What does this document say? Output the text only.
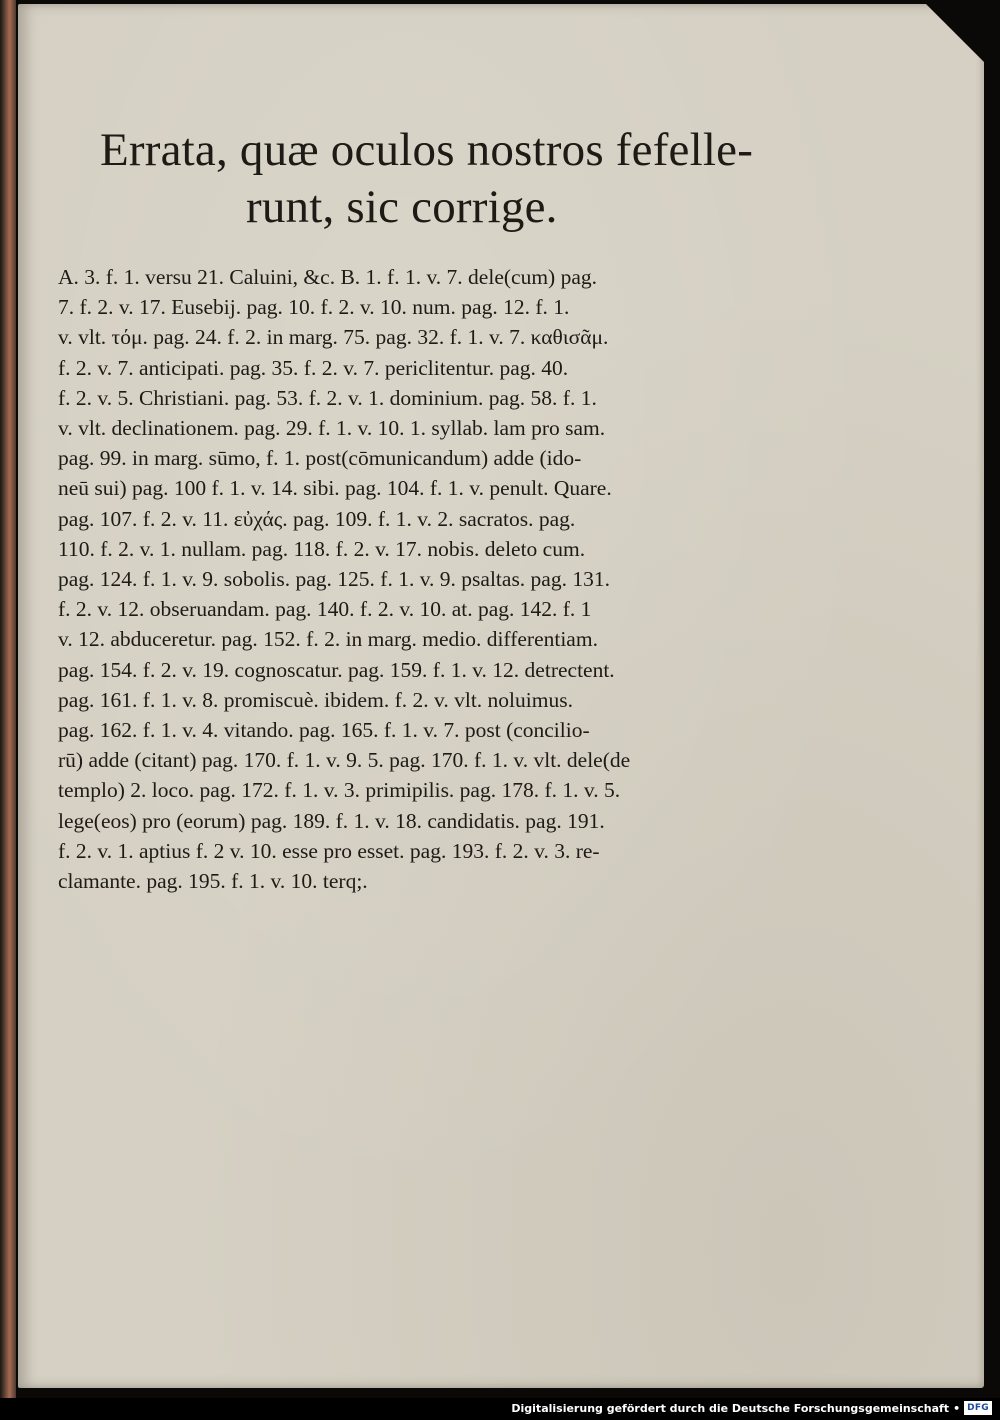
Errata, quæ oculos nostros fefelle-
runt, sic corrige.
A. 3. f. 1. versu 21. Caluini, &c. B. 1. f. 1. v. 7. dele(cum) pag.
7. f. 2. v. 17. Eusebij. pag. 10. f. 2. v. 10. num. pag. 12. f. 1.
v. vlt. τόμ. pag. 24. f. 2. in marg. 75. pag. 32. f. 1. v. 7. καθισᾶμ.
f. 2. v. 7. anticipati. pag. 35. f. 2. v. 7. periclitentur. pag. 40.
f. 2. v. 5. Christiani. pag. 53. f. 2. v. 1. dominium. pag. 58. f. 1.
v. vlt. declinationem. pag. 29. f. 1. v. 10. 1. syllab. lam pro sam.
pag. 99. in marg. sūmo, f. 1. post(cōmunicandum) adde (ido-
neū sui) pag. 100 f. 1. v. 14. sibi. pag. 104. f. 1. v. penult. Quare.
pag. 107. f. 2. v. 11. εὐχάς. pag. 109. f. 1. v. 2. sacratos. pag.
110. f. 2. v. 1. nullam. pag. 118. f. 2. v. 17. nobis. deleto cum.
pag. 124. f. 1. v. 9. sobolis. pag. 125. f. 1. v. 9. psaltas. pag. 131.
f. 2. v. 12. obseruandam. pag. 140. f. 2. v. 10. at. pag. 142. f. 1
v. 12. abduceretur. pag. 152. f. 2. in marg. medio. differentiam.
pag. 154. f. 2. v. 19. cognoscatur. pag. 159. f. 1. v. 12. detrectent.
pag. 161. f. 1. v. 8. promiscuè. ibidem. f. 2. v. vlt. noluimus.
pag. 162. f. 1. v. 4. vitando. pag. 165. f. 1. v. 7. post (concilio-
rū) adde (citant) pag. 170. f. 1. v. 9. 5. pag. 170. f. 1. v. vlt. dele(de
templo) 2. loco. pag. 172. f. 1. v. 3. primipilis. pag. 178. f. 1. v. 5.
lege(eos) pro (eorum) pag. 189. f. 1. v. 18. candidatis. pag. 191.
f. 2. v. 1. aptius f. 2 v. 10. esse pro esset. pag. 193. f. 2. v. 3. re-
clamante. pag. 195. f. 1. v. 10. terq;.
Digitalisierung gefördert durch die Deutsche Forschungsgemeinschaft • DFG
